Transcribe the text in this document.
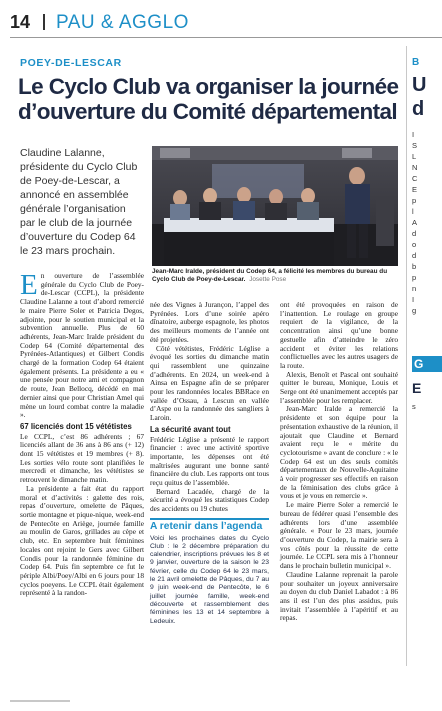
14 PAU & AGGLO
POEY-DE-LESCAR
Le Cyclo Club va organiser la journée d’ouverture du Comité départemental
Claudine Lalanne, présidente du Cyclo Club de Poey-de-Lescar, a annoncé en assemblée générale l’organisation par le club de la journée d’ouverture du Codep 64 le 23 mars prochain.
Jean-Marc Iralde, président du Codep 64, a félicité les membres du bureau du Cyclo Club de Poey-de-Lescar. Josette Pose

En ouverture de l’assemblée générale du Cyclo Club de Poey-de-Lescar (CCPL), la présidente Claudine Lalanne a tout d’abord remercié le maire Pierre Soler et Patricia Degos, adjointe, pour le soutien municipal et la subvention annuelle. Plus de 60 adhérents, Jean-Marc Iralde président du Codep 64 (Comité départemental des Pyrénées-Atlantiques) et Gilbert Condis chargé de la formation Codep 64 étaient également présents. La présidente a eu « une pensée pour notre ami et compagnon de route, Jean Bellocq, décédé en mai dernier ainsi que pour Christian Amel qui mène un lourd combat contre la maladie ».

67 licenciés dont 15 vététistes

Le CCPL, c’est 86 adhérents ; 67 licenciés allant de 36 ans à 86 ans (+ 12) dont 15 vététistes et 19 membres (+ 8). Les sorties vélo route sont planifiées le mercredi et dimanche, les vététistes se retrouvent le dimanche matin.

La présidente a fait état du rapport moral et d’activités : galette des rois, repas d’ouverture, omelette de Pâques, sortie montagne et pique-nique, week-end de Pentecôte en Ariège, journée famille au moulin de Garos, grillades au cèpe et club, etc. En septembre huit féminines locales ont rejoint le Gers avec Gilbert Condis pour la randonnée féminine du Codep 64. Puis fin septembre ce fut le périple Albi/Poey/Albi en 6 jours pour 18 cyclos poeyens. Le CCPL était également représenté à la randon-

née des Vignes à Jurançon, l’appel des Pyrénées. Lors d’une soirée apéro dînatoire, auberge espagnole, les photos des meilleurs moments de l’année ont été projetées.

Côté vététistes, Frédéric Léglise a évoqué les sorties du dimanche matin qui rassemblent une quinzaine d’adhérents. En 2024, un week-end à Ainsa en Espagne afin de se préparer pour les randonnées locales BBRace en vallée d’Ossau, à Lescun en vallée d’Aspe ou la randonnée des sangliers à Laroin.

La sécurité avant tout

Frédéric Léglise a présenté le rapport financier : avec une activité sportive importante, les dépenses ont été maîtrisées augurant une bonne santé financière du club. Les rapports ont tous reçu quitus de l’assemblée.

Bernard Lacadée, chargé de la sécurité a évoqué les statistiques Codep des accidents ou 19 chutes

A retenir dans l’agenda

Voici les prochaines dates du Cyclo Club : le 2 décembre préparation du calendrier, inscriptions prévues les 8 et 9 janvier, ouverture de la saison le 23 février, celle du Codep 64 le 23 mars, le 21 avril omelette de Pâques, du 7 au 9 juin week-end de Pentecôte, le 6 juillet journée famille, week-end découverte et rassemblement des féminines les 13 et 14 septembre à Ledeuix.

ont été provoquées en raison de l’inattention. Le roulage en groupe requiert de la vigilance, de la concentration ainsi qu’une bonne gestuelle afin d’atteindre le zéro accident et éviter les relations conflictuelles avec les autres usagers de la route.

Alexis, Benoît et Pascal ont souhaité quitter le bureau, Monique, Louis et Serge ont été unanimement acceptés par l’assemblée pour les remplacer.

Jean-Marc Iralde a remercié la présidente et son équipe pour la présentation exhaustive de la réunion, il ajoutait que Claudine et Bernard avaient reçu le « mérite du cyclotourisme » avant de conclure : « le Codep 64 est un des seuls comités départementaux de Nouvelle-Aquitaine à voir progresser ses effectifs en raison de la féminisation des clubs grâce à vous et je vous en remercie ».

Le maire Pierre Soler a remercié le bureau de fédérer quasi l’ensemble des adhérents lors d’une assemblée générale. « Pour le 23 mars, journée d’ouverture du Codep, la mairie sera à vos côtés pour la réussite de cette journée. Le CCPL sera mis à l’honneur dans le prochain bulletin municipal ».

Claudine Lalanne reprenait la parole pour souhaiter un joyeux anniversaire au doyen du club Daniel Labadot : à 86 ans il est l’un des plus assidus, puis invitait l’assemblée à l’apéritif et au repas.

B
U
d
I
S
L
N
C
E
p
l
A
d
o
d
b
p
n
I
g
G
E
s
